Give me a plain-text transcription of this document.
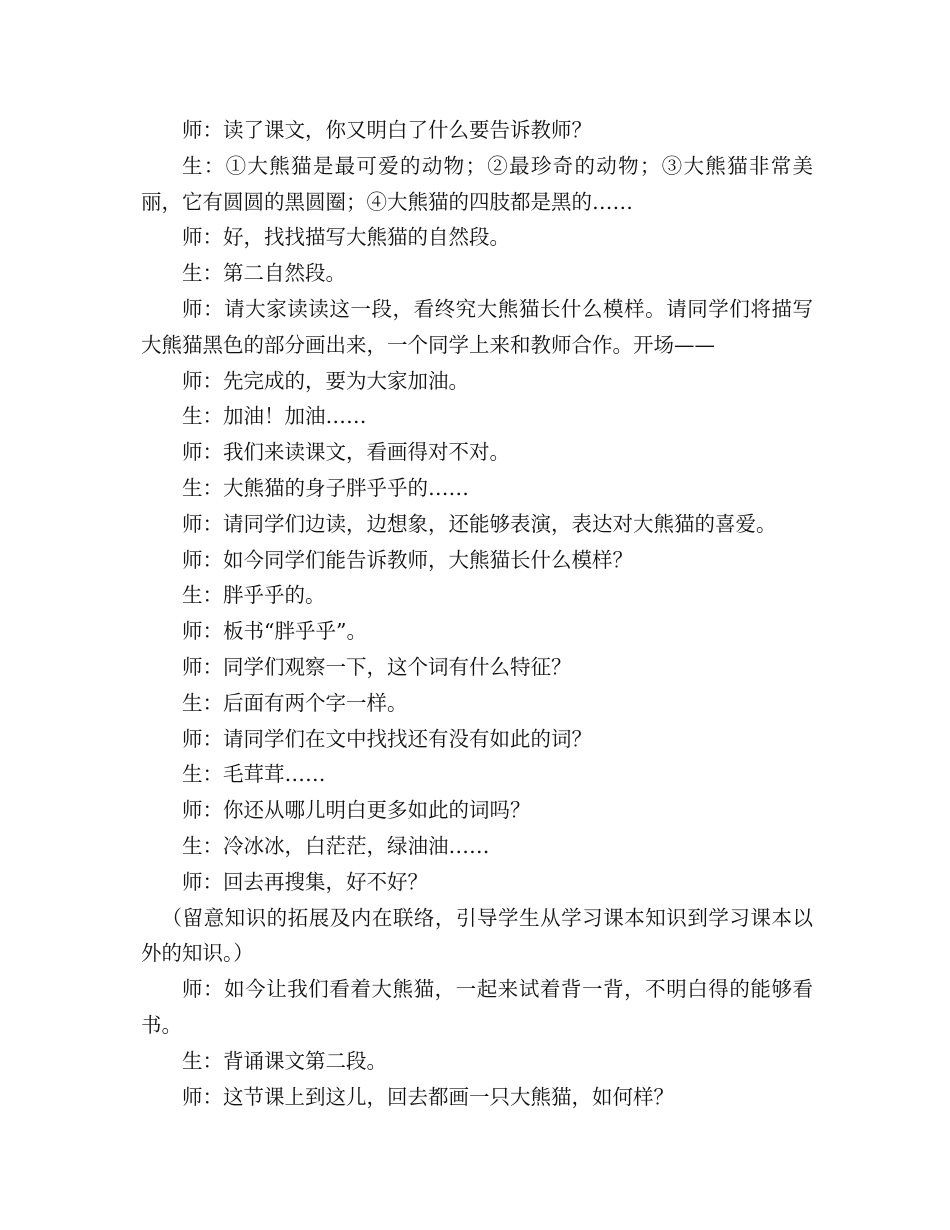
师：读了课文，你又明白了什么要告诉教师？

生：①大熊猫是最可爱的动物；②最珍奇的动物；③大熊猫非常美丽，它有圆圆的黑圆圈；④大熊猫的四肢都是黑的……

师：好，找找描写大熊猫的自然段。

生：第二自然段。

师：请大家读读这一段，看终究大熊猫长什么模样。请同学们将描写大熊猫黑色的部分画出来，一个同学上来和教师合作。开场——

师：先完成的，要为大家加油。

生：加油！加油……

师：我们来读课文，看画得对不对。

生：大熊猫的身子胖乎乎的……

师：请同学们边读，边想象，还能够表演，表达对大熊猫的喜爱。

师：如今同学们能告诉教师，大熊猫长什么模样？

生：胖乎乎的。

师：板书“胖乎乎”。

师：同学们观察一下，这个词有什么特征？

生：后面有两个字一样。

师：请同学们在文中找找还有没有如此的词？

生：毛茸茸……

师：你还从哪儿明白更多如此的词吗？

生：冷冰冰，白茫茫，绿油油……

师：回去再搜集，好不好？

（留意知识的拓展及内在联络，引导学生从学习课本知识到学习课本以外的知识。）

师：如今让我们看着大熊猫，一起来试着背一背，不明白得的能够看书。

生：背诵课文第二段。

师：这节课上到这儿，回去都画一只大熊猫，如何样？
